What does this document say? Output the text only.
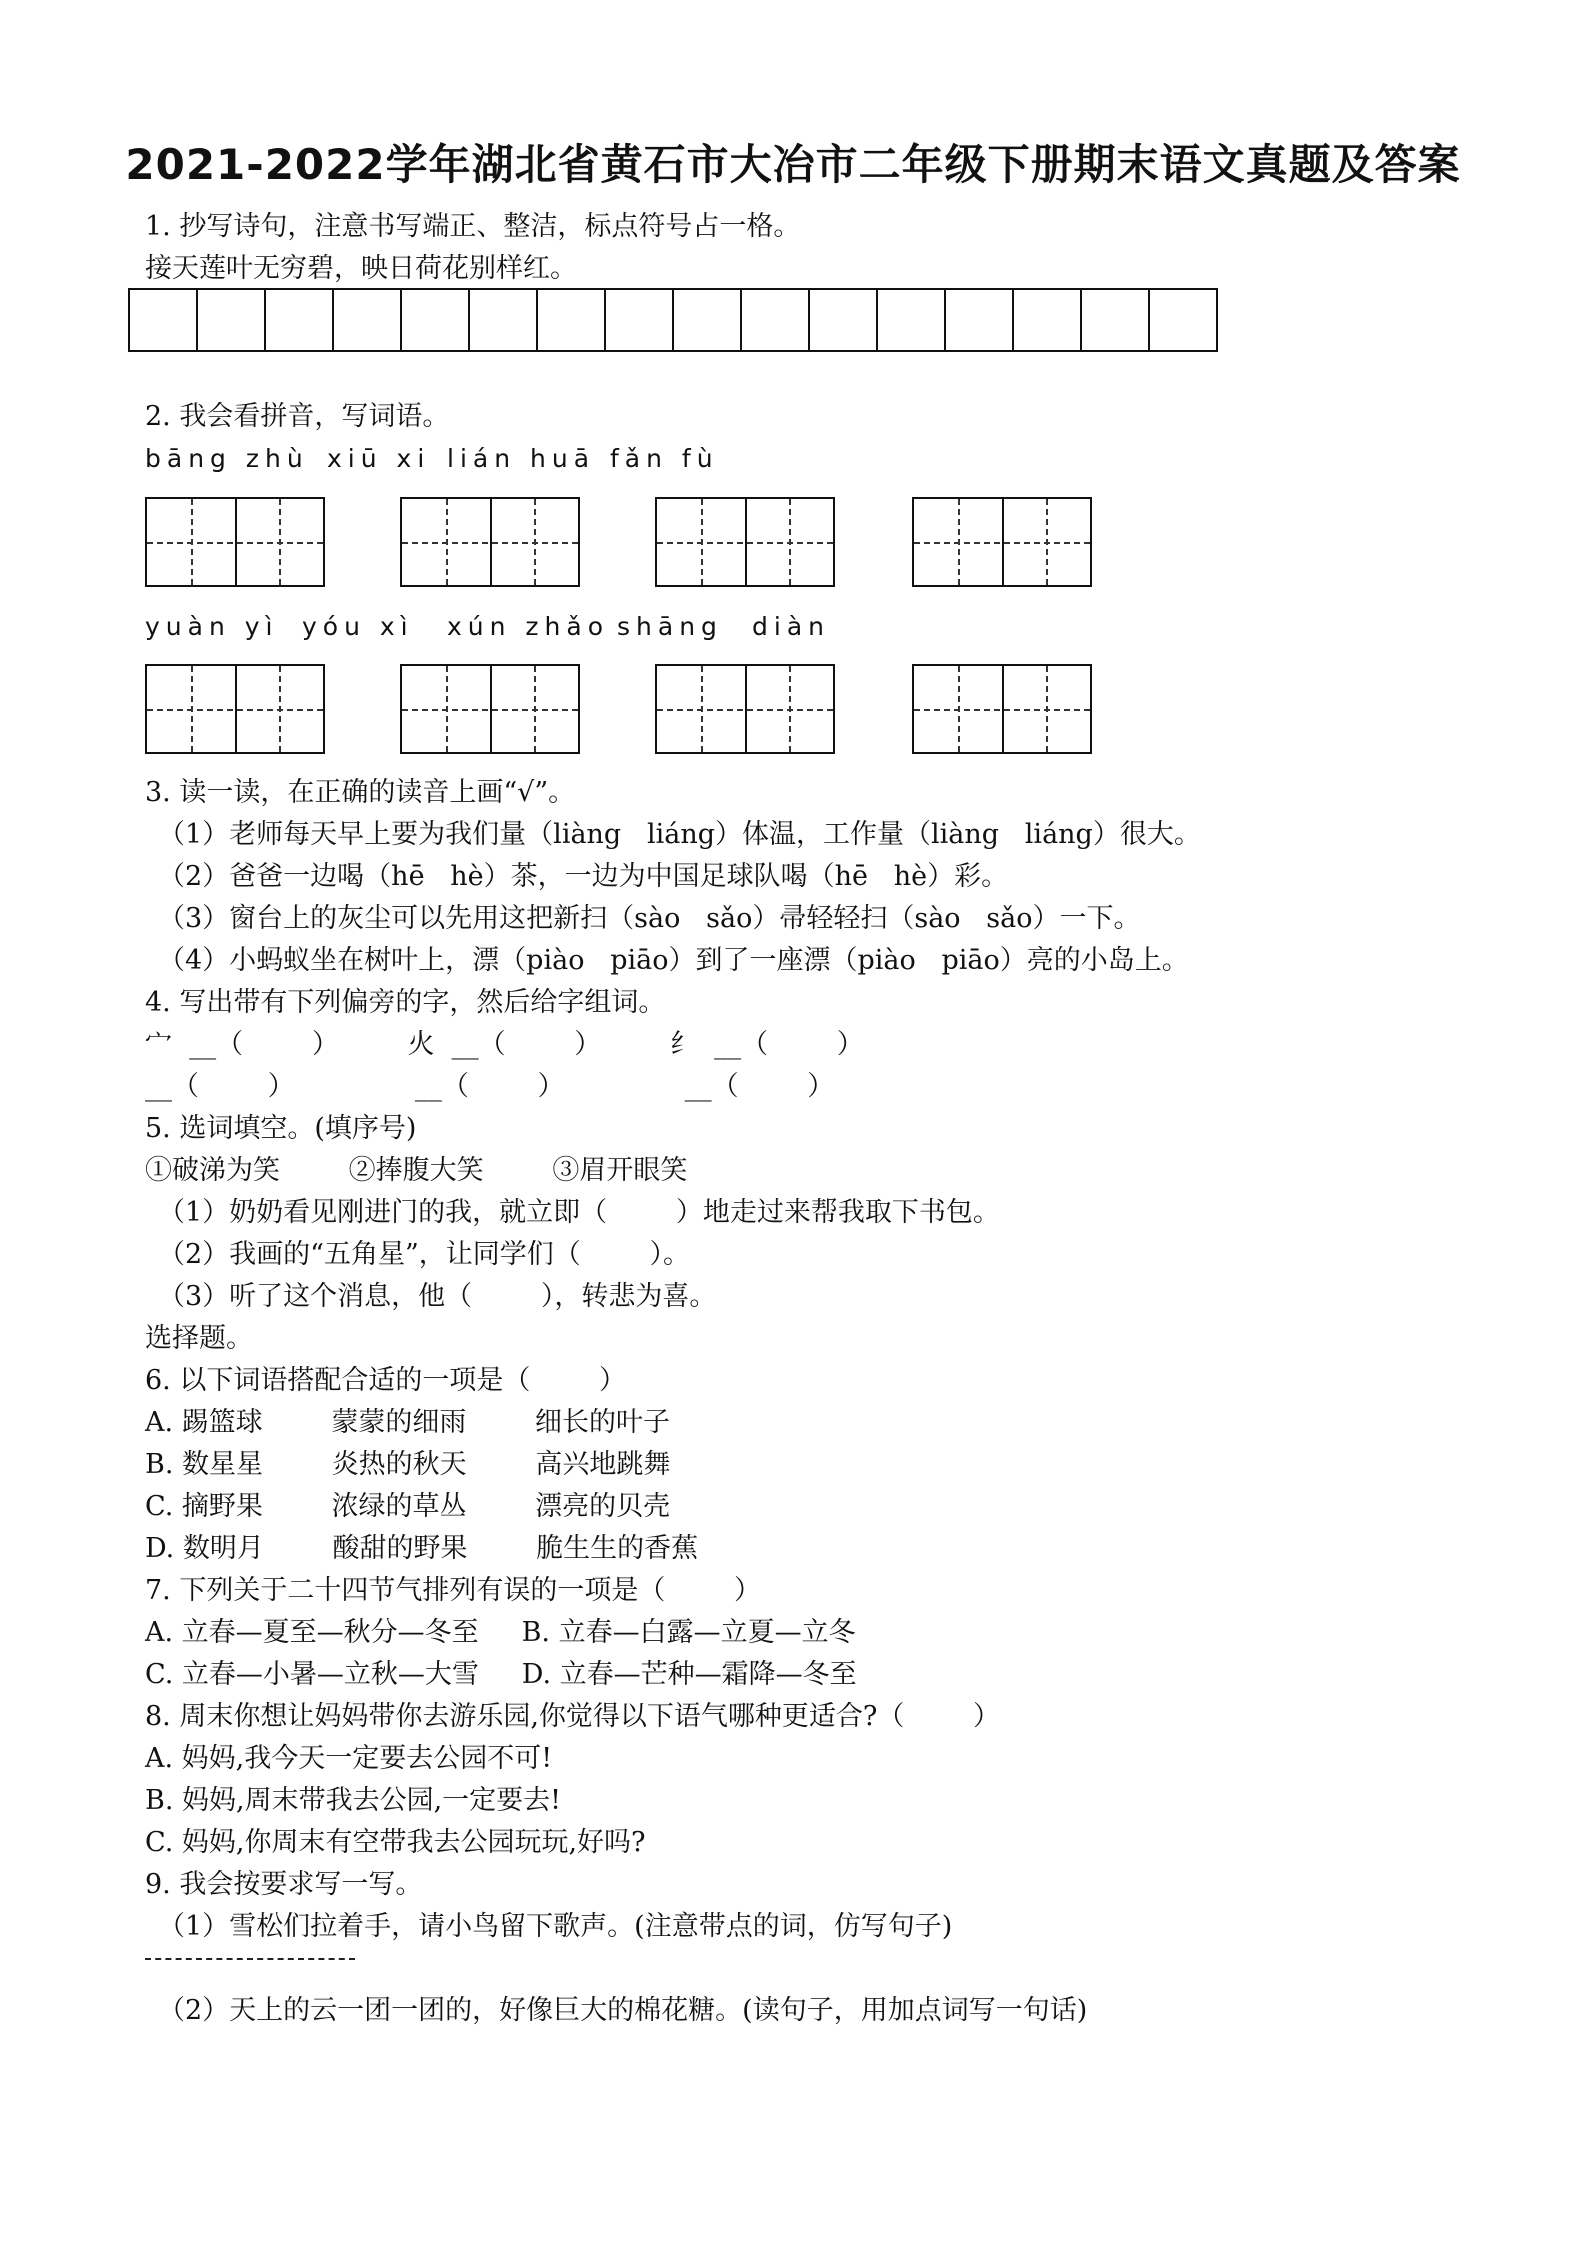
2021-2022学年湖北省黄石市大冶市二年级下册期末语文真题及答案
1. 抄写诗句，注意书写端正、整洁，标点符号占一格。
接天莲叶无穷碧，映日荷花别样红。
2. 我会看拼音，写词语。
bāng zhù xiū xi lián huā fǎn fù
yuàn yì yóu xì xún zhǎo shāng diàn
3. 读一读，在正确的读音上画“√”。
（1）老师每天早上要为我们量（liàng   liáng）体温，工作量（liàng   liáng）很大。
（2）爸爸一边喝（hē   hè）茶，一边为中国足球队喝（hē   hè）彩。
（3）窗台上的灰尘可以先用这把新扫（sào   sǎo）帚轻轻扫（sào   sǎo）一下。
（4）小蚂蚁坐在树叶上，漂（piào   piāo）到了一座漂（piào   piāo）亮的小岛上。
4. 写出带有下列偏旁的字，然后给字组词。
宀  __（        ）        火  __（        ）        纟  __（        ）
__（        ）              __（        ）              __（        ）
5. 选词填空。(填序号)
①破涕为笑        ②捧腹大笑        ③眉开眼笑
（1）奶奶看见刚进门的我，就立即（        ）地走过来帮我取下书包。
（2）我画的“五角星”，让同学们（        ）。
（3）听了这个消息，他（        ），转悲为喜。
选择题。
6. 以下词语搭配合适的一项是（        ）
A. 踢篮球        蒙蒙的细雨        细长的叶子
B. 数星星        炎热的秋天        高兴地跳舞
C. 摘野果        浓绿的草丛        漂亮的贝壳
D. 数明月        酸甜的野果        脆生生的香蕉
7. 下列关于二十四节气排列有误的一项是（        ）
A. 立春—夏至—秋分—冬至     B. 立春—白露—立夏—立冬
C. 立春—小暑—立秋—大雪     D. 立春—芒种—霜降—冬至
8. 周末你想让妈妈带你去游乐园,你觉得以下语气哪种更适合?（        ）
A. 妈妈,我今天一定要去公园不可!
B. 妈妈,周末带我去公园,一定要去!
C. 妈妈,你周末有空带我去公园玩玩,好吗?
9. 我会按要求写一写。
（1）雪松们拉着手，请小鸟留下歌声。(注意带点的词，仿写句子)
（2）天上的云一团一团的，好像巨大的棉花糖。(读句子，用加点词写一句话)
